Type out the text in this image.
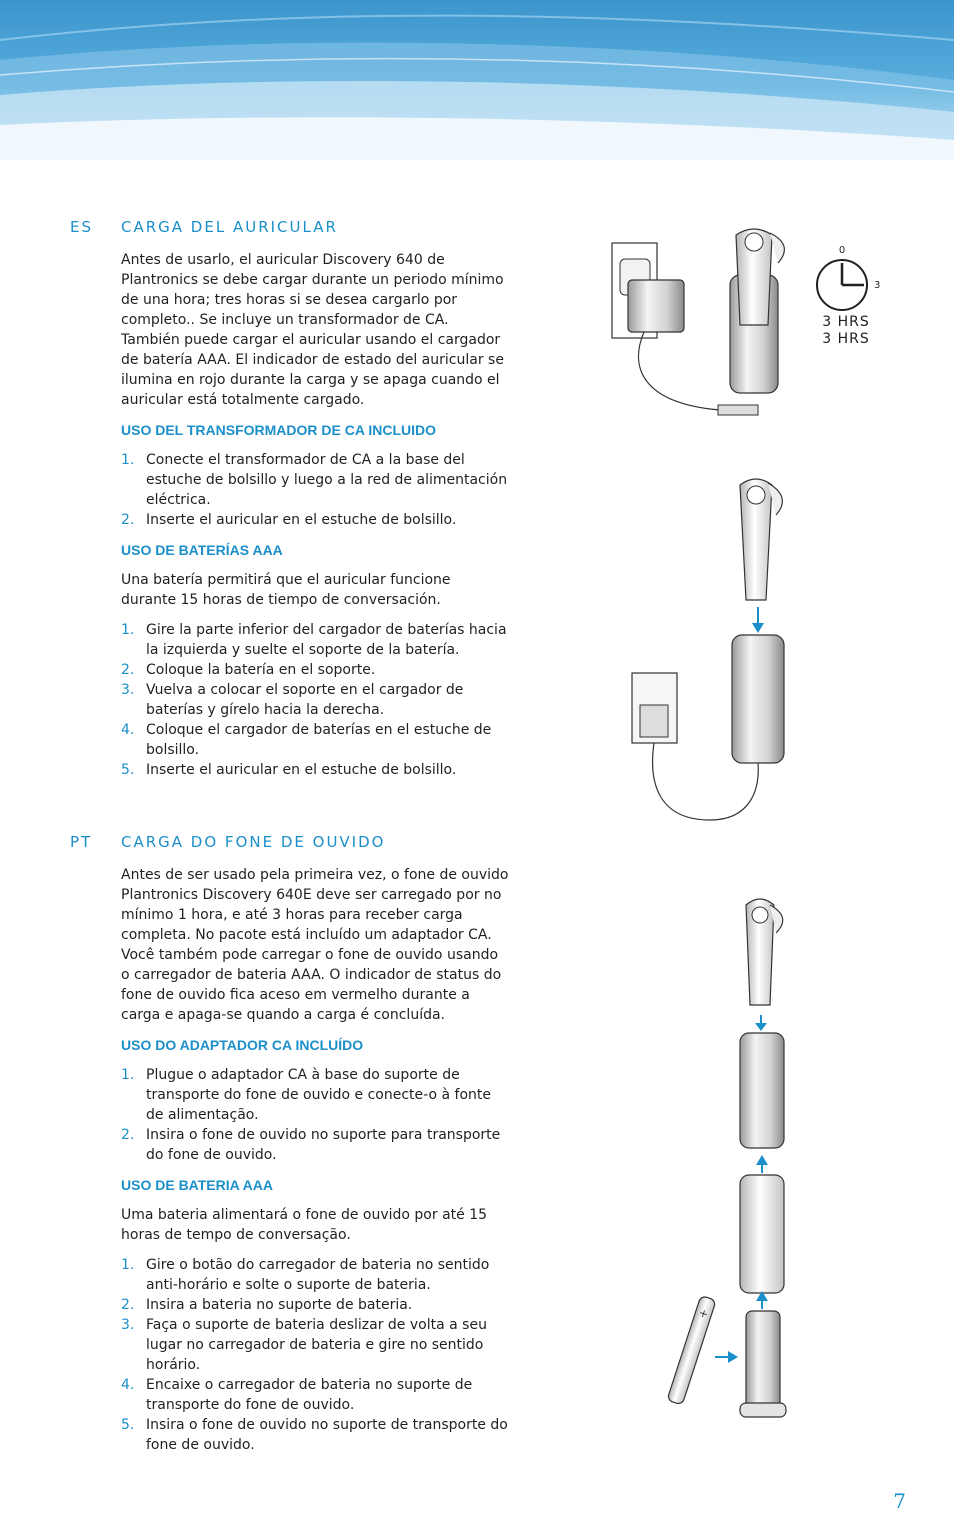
ES CARGA DEL AURICULAR

Antes de usarlo, el auricular Discovery 640 de Plantronics se debe cargar durante un periodo mínimo de una hora; tres horas si se desea cargarlo por completo.. Se incluye un transformador de CA. También puede cargar el auricular usando el cargador de batería AAA. El indicador de estado del auricular se ilumina en rojo durante la carga y se apaga cuando el auricular está totalmente cargado.

USO DEL TRANSFORMADOR DE CA INCLUIDO
1. Conecte el transformador de CA a la base del estuche de bolsillo y luego a la red de alimentación eléctrica.
2. Inserte el auricular en el estuche de bolsillo.
USO DE BATERÍAS AAA

Una batería permitirá que el auricular funcione durante 15 horas de tiempo de conversación.

1. Gire la parte inferior del cargador de baterías hacia la izquierda y suelte el soporte de la batería.
2. Coloque la batería en el soporte.
3. Vuelva a colocar el soporte en el cargador de baterías y gírelo hacia la derecha.
4. Coloque el cargador de baterías en el estuche de bolsillo.
5. Inserte el auricular en el estuche de bolsillo.
PT CARGA DO FONE DE OUVIDO

Antes de ser usado pela primeira vez, o fone de ouvido Plantronics Discovery 640E deve ser carregado por no mínimo 1 hora, e até 3 horas para receber carga completa. No pacote está incluído um adaptador CA. Você também pode carregar o fone de ouvido usando o carregador de bateria AAA. O indicador de status do fone de ouvido fica aceso em vermelho durante a carga e apaga-se quando a carga é concluída.

USO DO ADAPTADOR CA INCLUÍDO
1. Plugue o adaptador CA à base do suporte de transporte do fone de ouvido e conecte-o à fonte de alimentação.
2. Insira o fone de ouvido no suporte para transporte do fone de ouvido.
USO DE BATERIA AAA

Uma bateria alimentará o fone de ouvido por até 15 horas de tempo de conversação.

1. Gire o botão do carregador de bateria no sentido anti-horário e solte o suporte de bateria.
2. Insira a bateria no suporte de bateria.
3. Faça o suporte de bateria deslizar de volta a seu lugar no carregador de bateria e gire no sentido horário.
4. Encaixe o carregador de bateria no suporte de transporte do fone de ouvido.
5. Insira o fone de ouvido no suporte de transporte do fone de ouvido.
0
3
3 HRS
3 HRS
+
7
